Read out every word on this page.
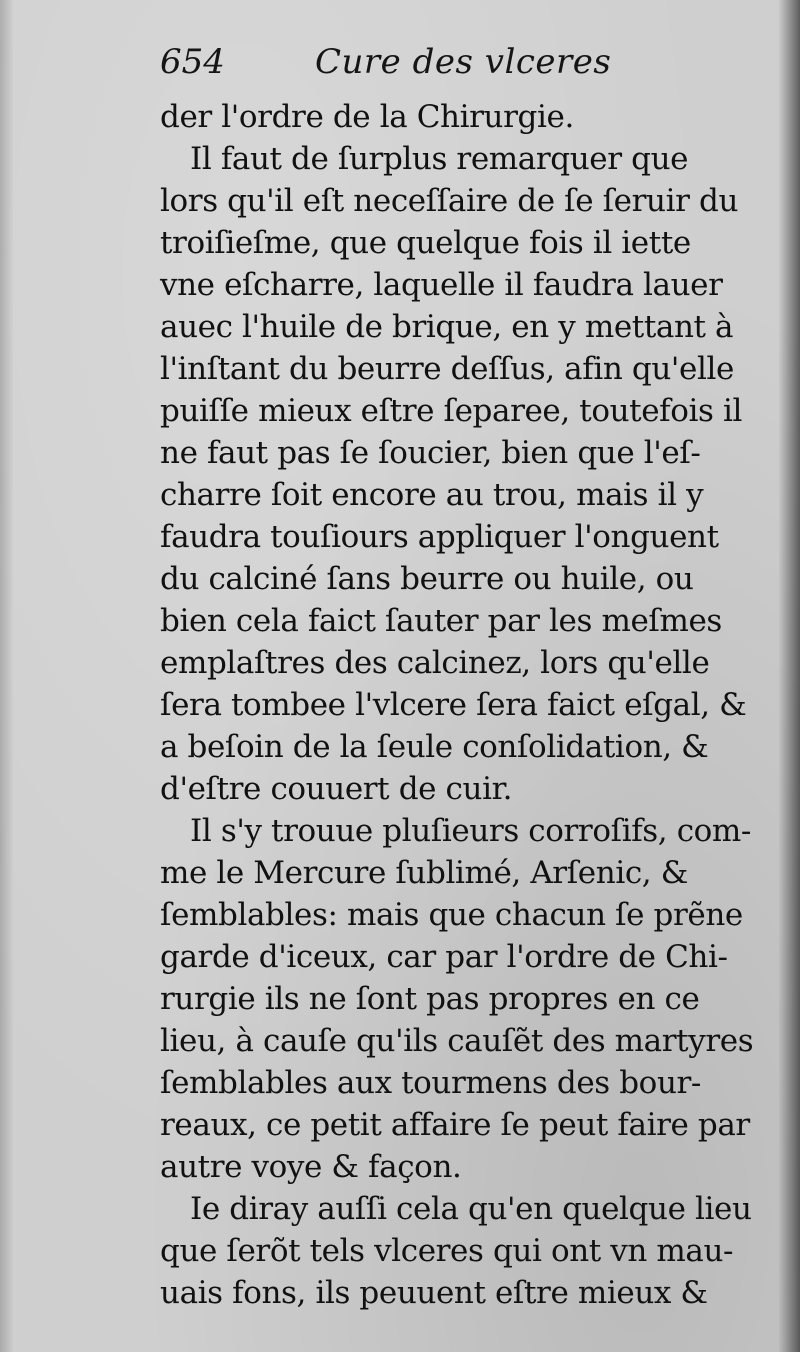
654	Cure des vlceres
der l'ordre de la Chirurgie.
Il faut de ſurplus remarquer que
lors qu'il eſt neceſſaire de ſe ſeruir du
troiſieſme, que quelque fois il iette
vne eſcharre, laquelle il faudra lauer
auec l'huile de brique, en y mettant à
l'inſtant du beurre deſſus, afin qu'elle
puiſſe mieux eſtre ſeparee, toutefois il
ne faut pas ſe ſoucier, bien que l'eſ-
charre ſoit encore au trou, mais il y
faudra touſiours appliquer l'onguent
du calciné ſans beurre ou huile, ou
bien cela faict ſauter par les meſmes
emplaſtres des calcinez, lors qu'elle
ſera tombee l'vlcere ſera faict eſgal, &
a beſoin de la ſeule conſolidation, &
d'eſtre couuert de cuir.
Il s'y trouue pluſieurs corroſifs, com-
me le Mercure ſublimé, Arſenic, &
ſemblables: mais que chacun ſe prẽne
garde d'iceux, car par l'ordre de Chi-
rurgie ils ne ſont pas propres en ce
lieu, à cauſe qu'ils cauſẽt des martyres
ſemblables aux tourmens des bour-
reaux, ce petit affaire ſe peut faire par
autre voye & façon.
Ie diray auſſi cela qu'en quelque lieu
que ſerõt tels vlceres qui ont vn mau-
uais fons, ils peuuent eſtre mieux &
